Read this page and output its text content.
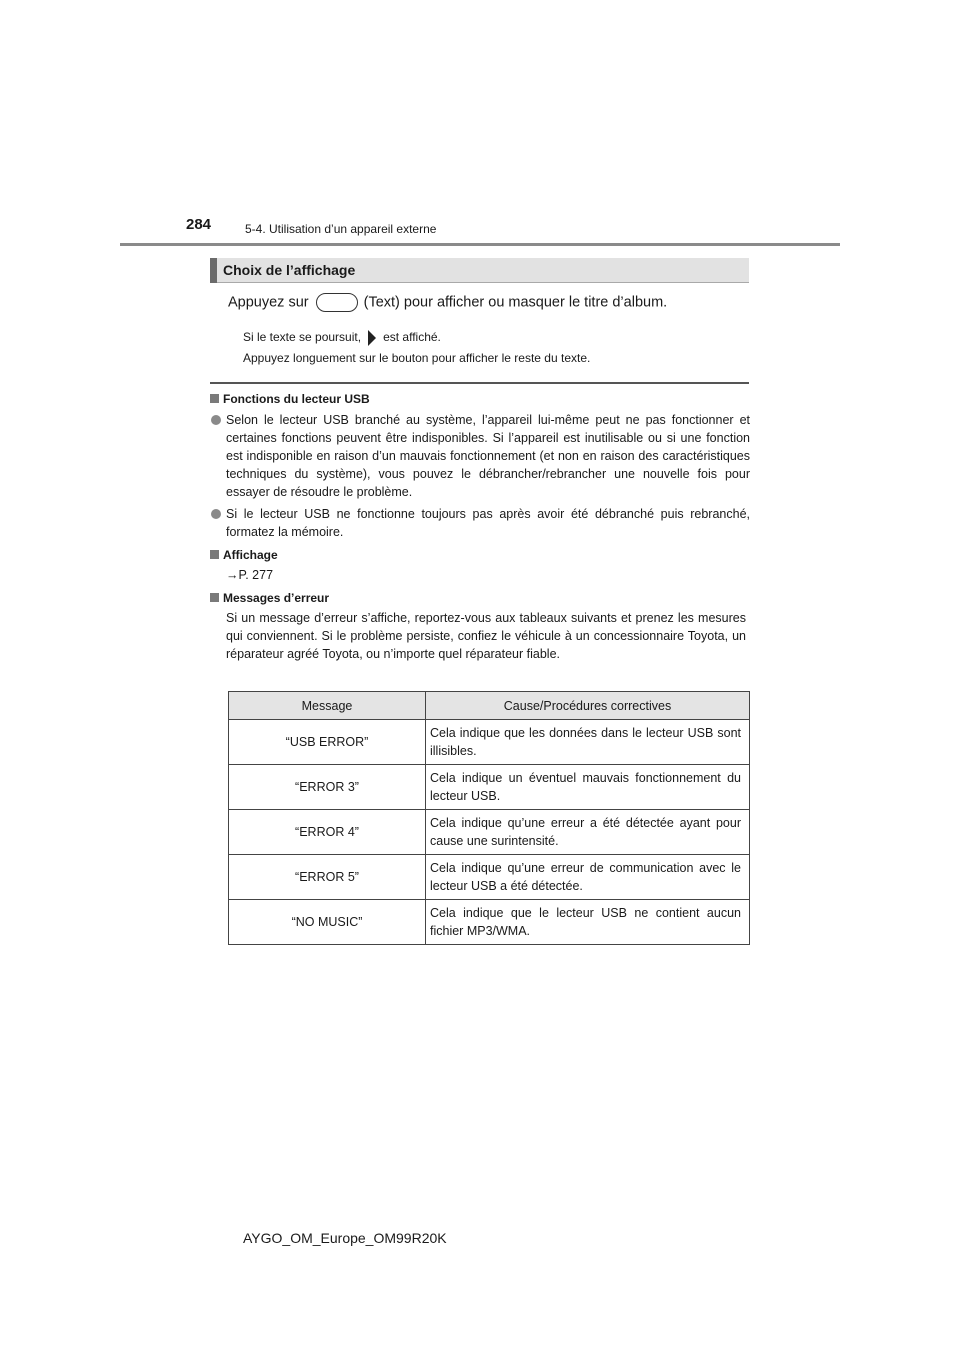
284	5-4. Utilisation d’un appareil externe
Choix de l’affichage
Appuyez sur	(Text) pour afficher ou masquer le titre d’album.
Si le texte se poursuit, est affiché.
Appuyez longuement sur le bouton pour afficher le reste du texte.
Fonctions du lecteur USB
Selon le lecteur USB branché au système, l’appareil lui-même peut ne pas fonctionner et certaines fonctions peuvent être indisponibles. Si l’appareil est inutilisable ou si une fonction est indisponible en raison d’un mauvais fonctionnement (et non en raison des caractéristiques techniques du système), vous pouvez le débrancher/rebrancher une nouvelle fois pour essayer de résoudre le problème.
Si le lecteur USB ne fonctionne toujours pas après avoir été débranché puis rebranché, formatez la mémoire.
Affichage
→P. 277
Messages d’erreur
Si un message d’erreur s’affiche, reportez-vous aux tableaux suivants et prenez les mesures qui conviennent. Si le problème persiste, confiez le véhicule à un concessionnaire Toyota, un réparateur agréé Toyota, ou n’importe quel réparateur fiable.
Message	Cause/Procédures correctives
“USB ERROR”	Cela indique que les données dans le lecteur USB sont illisibles.
“ERROR 3”	Cela indique un éventuel mauvais fonctionnement du lecteur USB.
“ERROR 4”	Cela indique qu’une erreur a été détectée ayant pour cause une surintensité.
“ERROR 5”	Cela indique qu’une erreur de communication avec le lecteur USB a été détectée.
“NO MUSIC”	Cela indique que le lecteur USB ne contient aucun fichier MP3/WMA.
AYGO_OM_Europe_OM99R20K
